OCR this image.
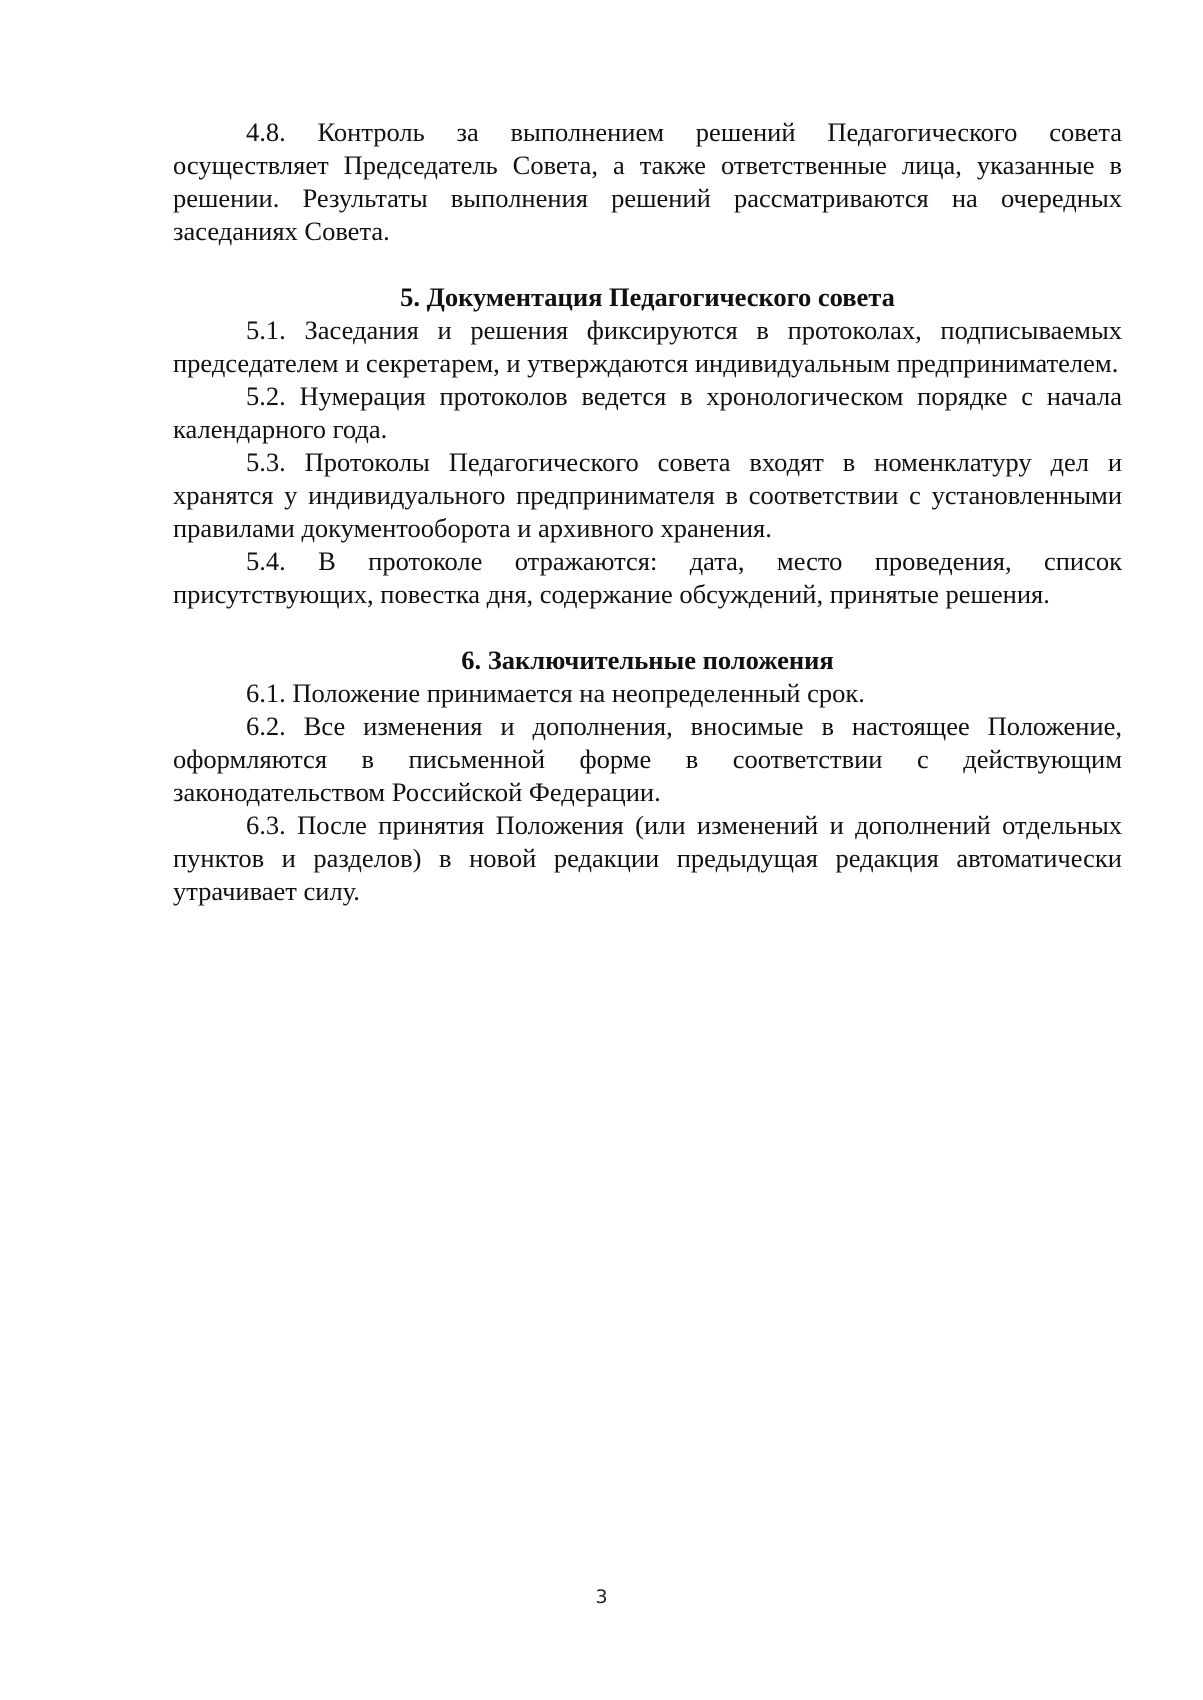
4.8. Контроль за выполнением решений Педагогического совета осуществляет Председатель Совета, а также ответственные лица, указанные в решении. Результаты выполнения решений рассматриваются на очередных заседаниях Совета.

5. Документация Педагогического совета

5.1. Заседания и решения фиксируются в протоколах, подписываемых председателем и секретарем, и утверждаются индивидуальным предпринимателем.

5.2. Нумерация протоколов ведется в хронологическом порядке с начала календарного года.

5.3. Протоколы Педагогического совета входят в номенклатуру дел и хранятся у индивидуального предпринимателя в соответствии с установленными правилами документооборота и архивного хранения.

5.4. В протоколе отражаются: дата, место проведения, список присутствующих, повестка дня, содержание обсуждений, принятые решения.

6. Заключительные положения

6.1. Положение принимается на неопределенный срок.

6.2. Все изменения и дополнения, вносимые в настоящее Положение, оформляются в письменной форме в соответствии с действующим законодательством Российской Федерации.

6.3. После принятия Положения (или изменений и дополнений отдельных пунктов и разделов) в новой редакции предыдущая редакция автоматически утрачивает силу.

3
